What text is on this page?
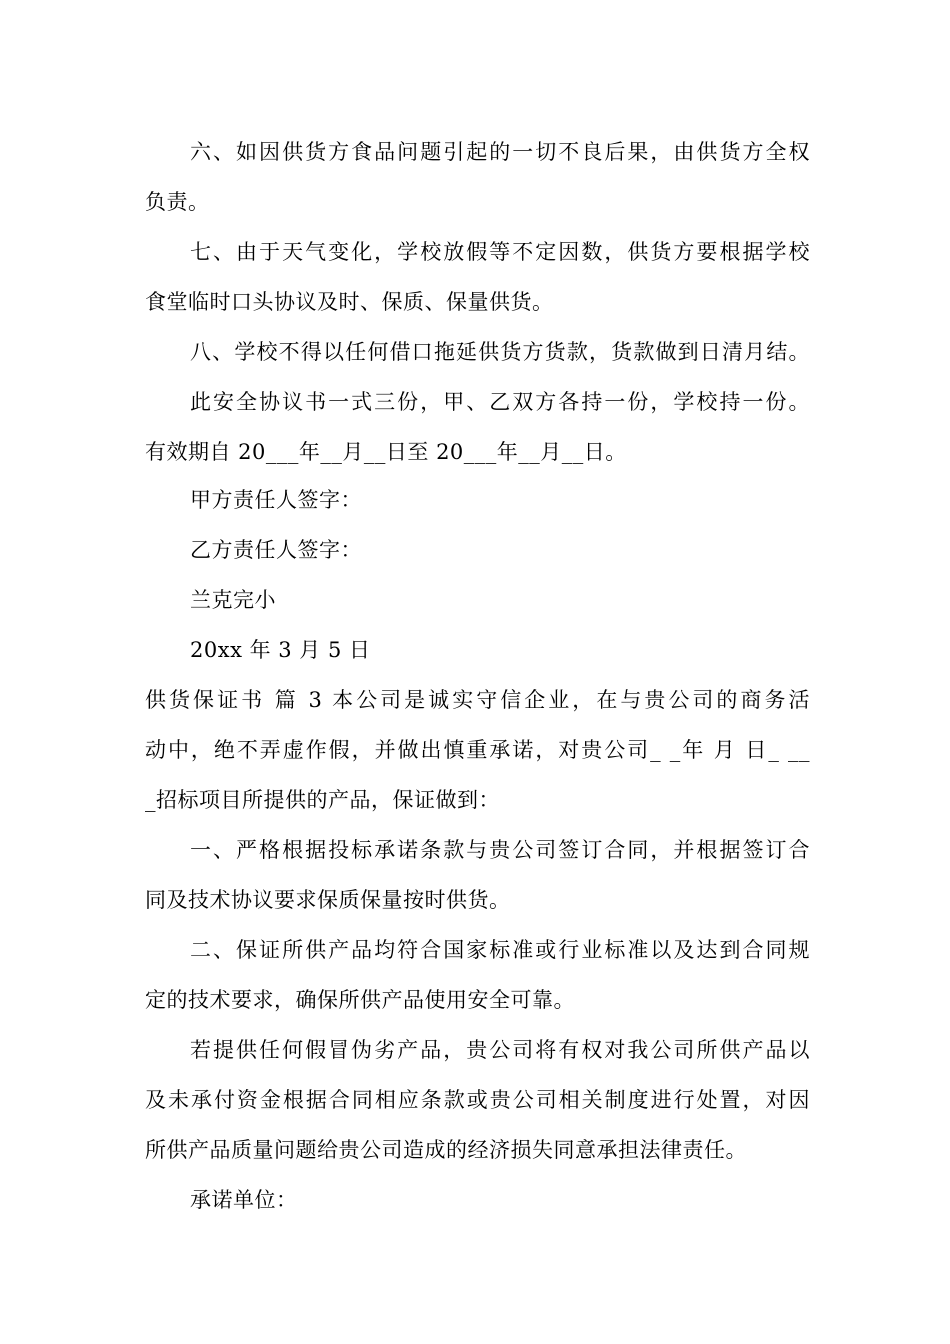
六、如因供货方食品问题引起的一切不良后果，由供货方全权
负责。
七、由于天气变化，学校放假等不定因数，供货方要根据学校
食堂临时口头协议及时、保质、保量供货。
八、学校不得以任何借口拖延供货方货款，货款做到日清月结。
此安全协议书一式三份，甲、乙双方各持一份，学校持一份。
有效期自 20___年__月__日至 20___年__月__日。
甲方责任人签字：
乙方责任人签字：
兰克完小
20xx 年 3 月 5 日
供货保证书 篇 3 本公司是诚实守信企业，在与贵公司的商务活
动中，绝不弄虚作假，并做出慎重承诺，对贵公司_ _年 月 日_ __
_招标项目所提供的产品，保证做到：
一、严格根据投标承诺条款与贵公司签订合同，并根据签订合
同及技术协议要求保质保量按时供货。
二、保证所供产品均符合国家标准或行业标准以及达到合同规
定的技术要求，确保所供产品使用安全可靠。
若提供任何假冒伪劣产品，贵公司将有权对我公司所供产品以
及未承付资金根据合同相应条款或贵公司相关制度进行处置，对因
所供产品质量问题给贵公司造成的经济损失同意承担法律责任。
承诺单位：
